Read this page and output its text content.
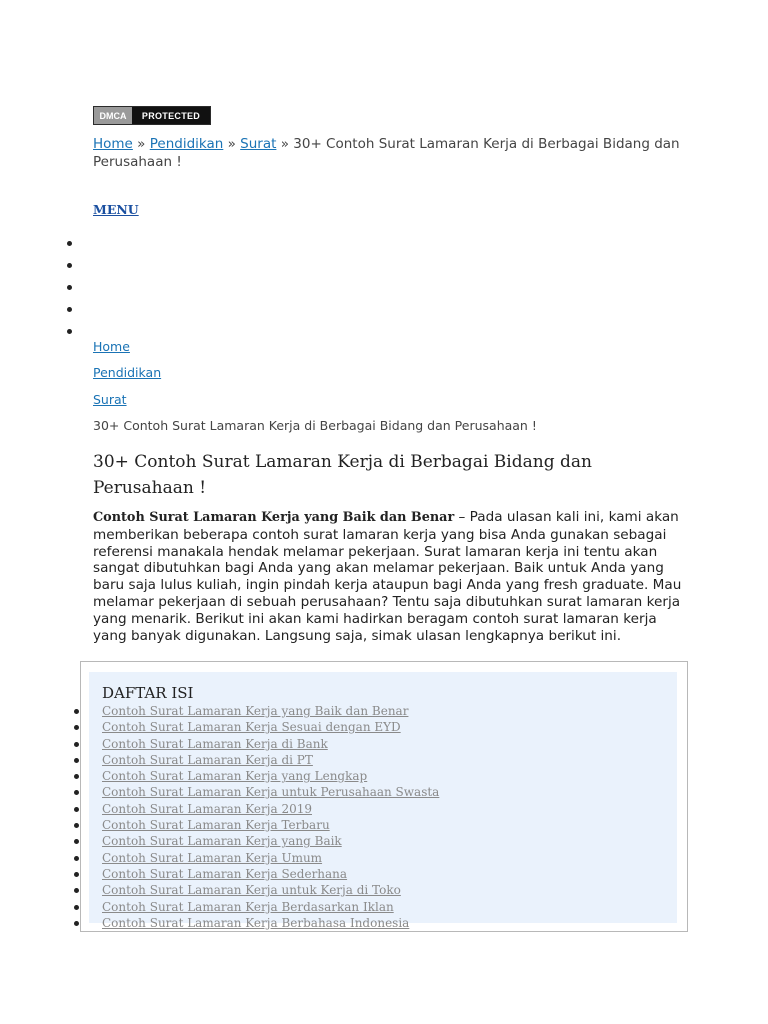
DMCA	PROTECTED
Home » Pendidikan » Surat » 30+ Contoh Surat Lamaran Kerja di Berbagai Bidang dan Perusahaan !
MENU
Home
Pendidikan
Surat
30+ Contoh Surat Lamaran Kerja di Berbagai Bidang dan Perusahaan !
30+ Contoh Surat Lamaran Kerja di Berbagai Bidang dan Perusahaan !

Contoh Surat Lamaran Kerja yang Baik dan Benar – Pada ulasan kali ini, kami akan memberikan beberapa contoh surat lamaran kerja yang bisa Anda gunakan sebagai referensi manakala hendak melamar pekerjaan. Surat lamaran kerja ini tentu akan sangat dibutuhkan bagi Anda yang akan melamar pekerjaan. Baik untuk Anda yang baru saja lulus kuliah, ingin pindah kerja ataupun bagi Anda yang fresh graduate. Mau melamar pekerjaan di sebuah perusahaan? Tentu saja dibutuhkan surat lamaran kerja yang menarik. Berikut ini akan kami hadirkan beragam contoh surat lamaran kerja yang banyak digunakan. Langsung saja, simak ulasan lengkapnya berikut ini.

DAFTAR ISI
Contoh Surat Lamaran Kerja yang Baik dan Benar
Contoh Surat Lamaran Kerja Sesuai dengan EYD
Contoh Surat Lamaran Kerja di Bank
Contoh Surat Lamaran Kerja di PT
Contoh Surat Lamaran Kerja yang Lengkap
Contoh Surat Lamaran Kerja untuk Perusahaan Swasta
Contoh Surat Lamaran Kerja 2019
Contoh Surat Lamaran Kerja Terbaru
Contoh Surat Lamaran Kerja yang Baik
Contoh Surat Lamaran Kerja Umum
Contoh Surat Lamaran Kerja Sederhana
Contoh Surat Lamaran Kerja untuk Kerja di Toko
Contoh Surat Lamaran Kerja Berdasarkan Iklan
Contoh Surat Lamaran Kerja Berbahasa Indonesia
